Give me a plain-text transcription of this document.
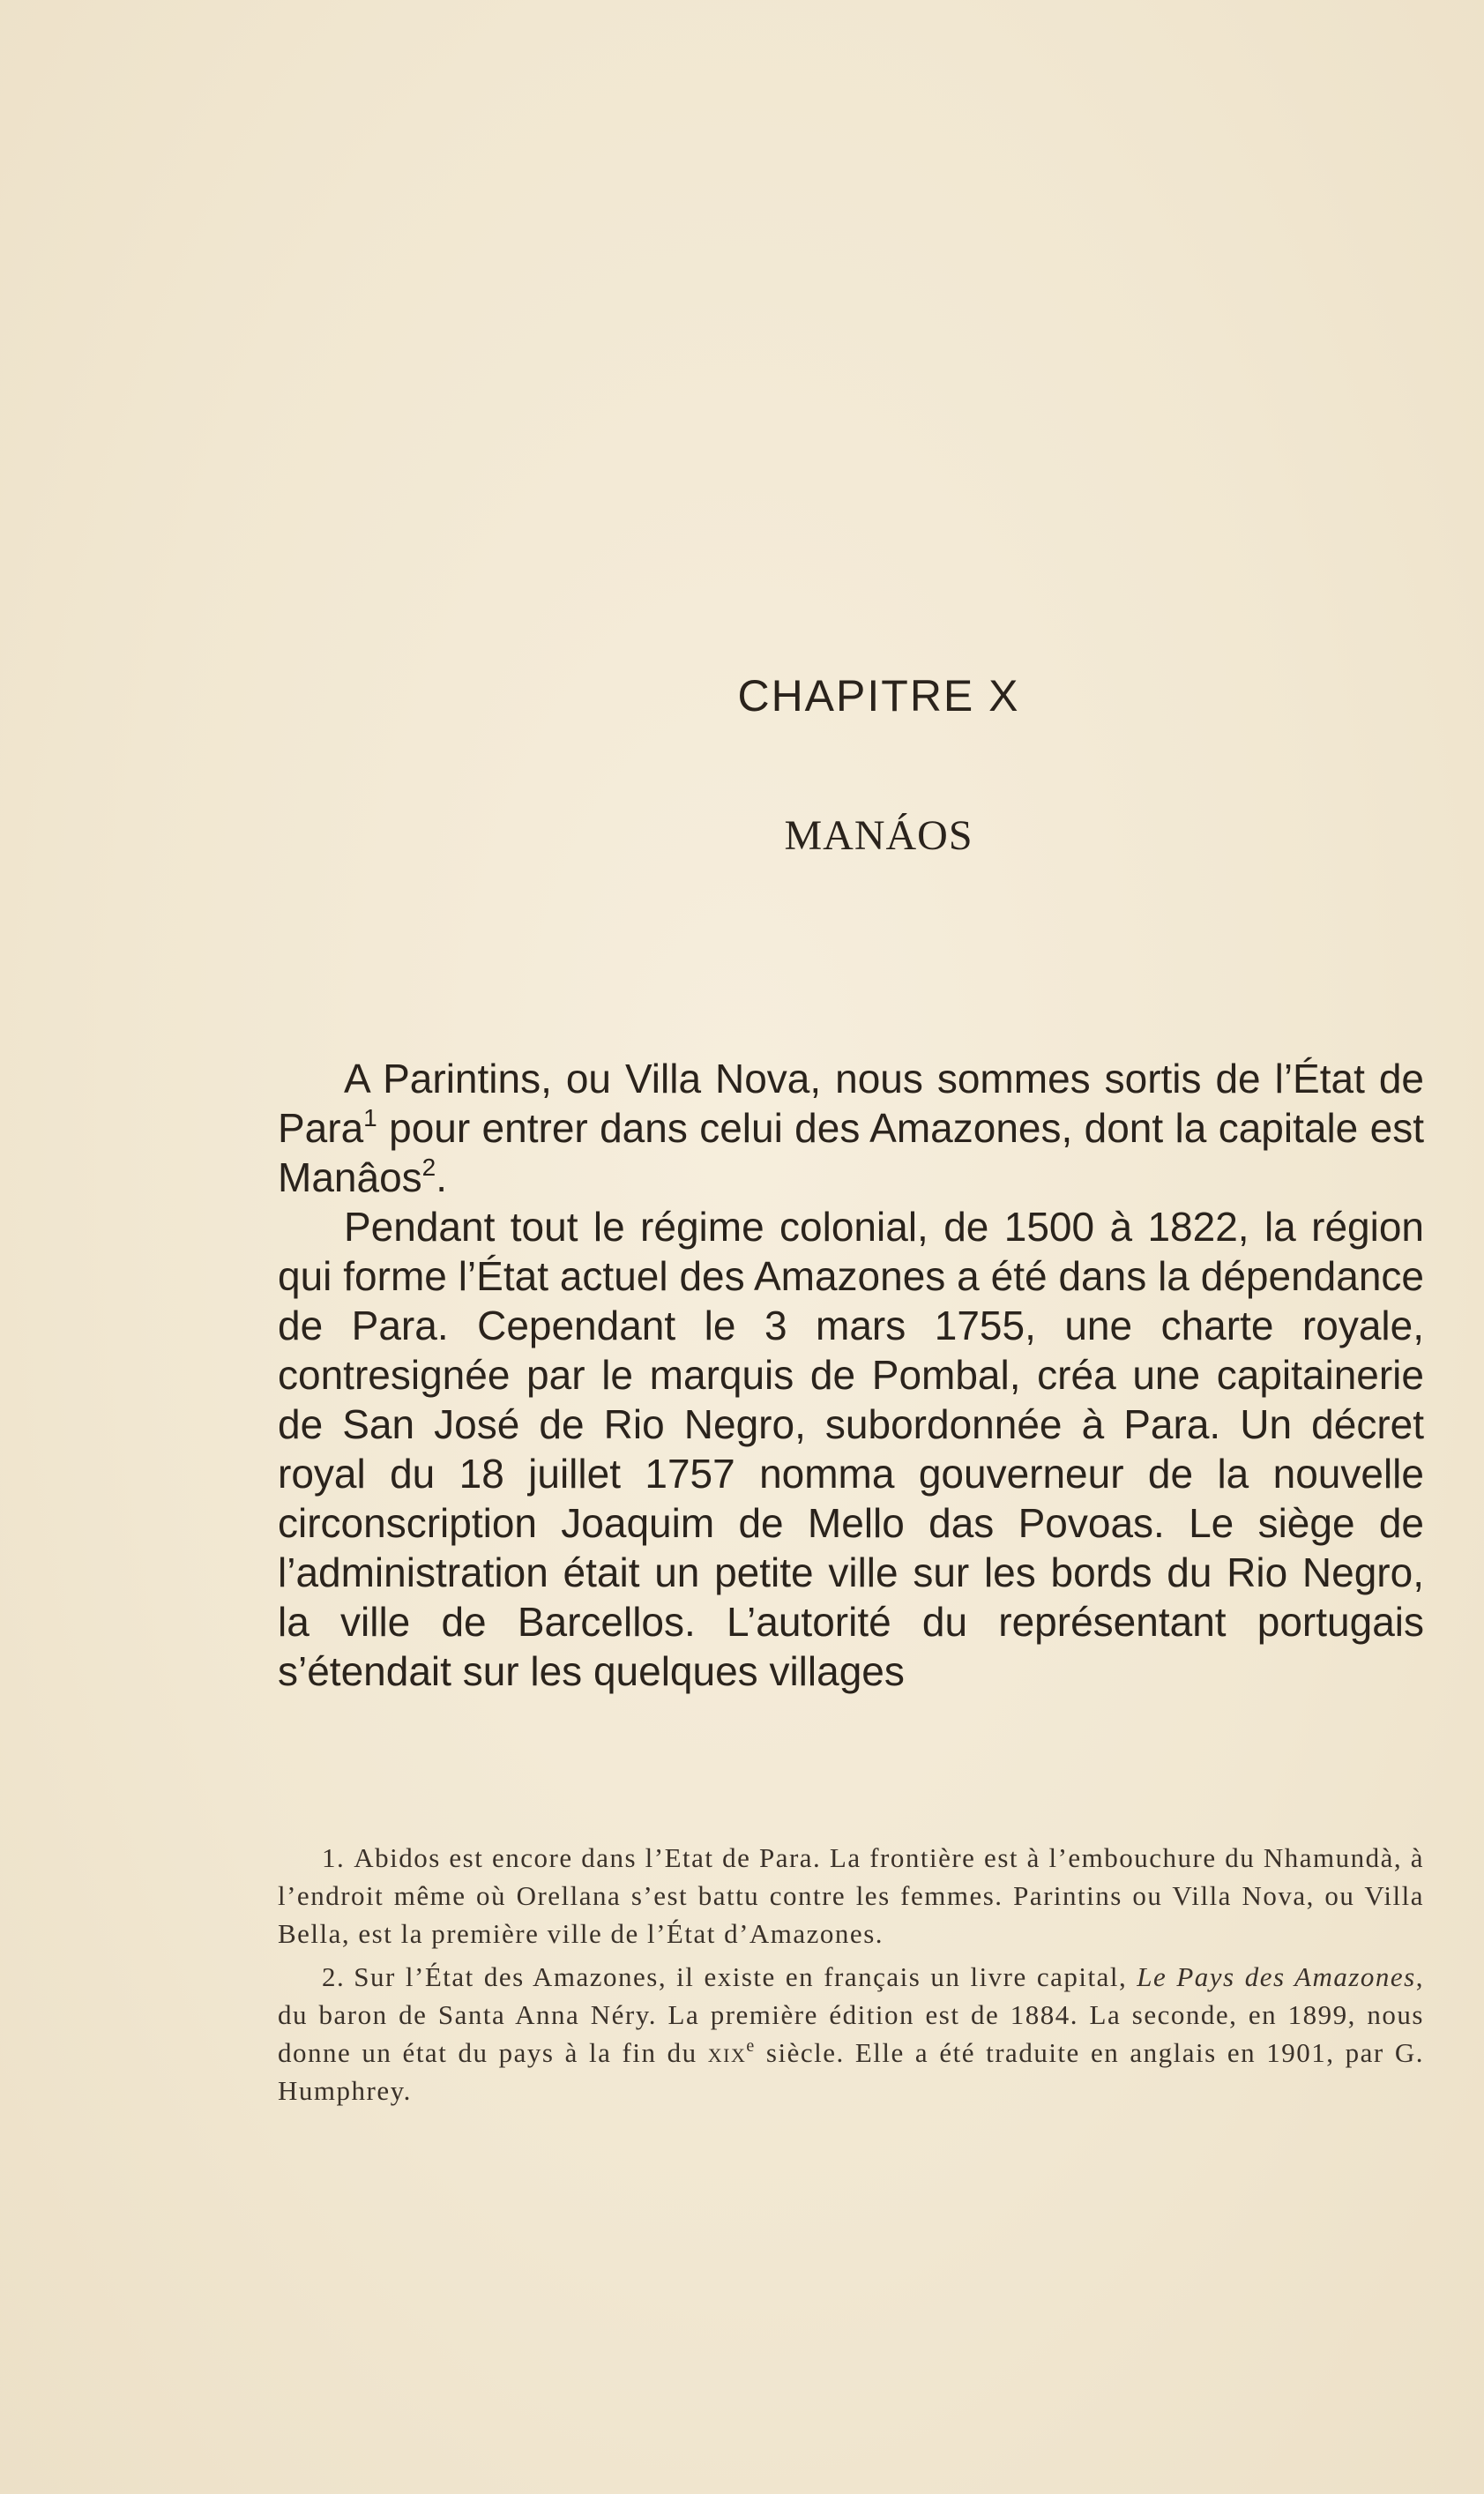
CHAPITRE X
MANÁOS

A Parintins, ou Villa Nova, nous sommes sortis de l’État de Para$^1$ pour entrer dans celui des Amazones, dont la capitale est Manâos$^2$.

Pendant tout le régime colonial, de 1500 à 1822, la région qui forme l’État actuel des Amazones a été dans la dépendance de Para. Cependant le 3 mars 1755, une charte royale, contresignée par le marquis de Pombal, créa une capitainerie de San José de Rio Negro, subordonnée à Para. Un décret royal du 18 juillet 1757 nomma gouverneur de la nouvelle circonscription Joaquim de Mello das Povoas. Le siège de l’administration était un petite ville sur les bords du Rio Negro, la ville de Barcellos. L’autorité du représentant portugais s’étendait sur les quelques villages

1. Abidos est encore dans l’Etat de Para. La frontière est à l’embouchure du Nhamundà, à l’endroit même où Orellana s’est battu contre les femmes. Parintins ou Villa Nova, ou Villa Bella, est la première ville de l’État d’Amazones.

2. Sur l’État des Amazones, il existe en français un livre capital, Le Pays des Amazones, du baron de Santa Anna Néry. La première édition est de 1884. La seconde, en 1899, nous donne un état du pays à la fin du xix$^e$ siècle. Elle a été traduite en anglais en 1901, par G. Humphrey.
